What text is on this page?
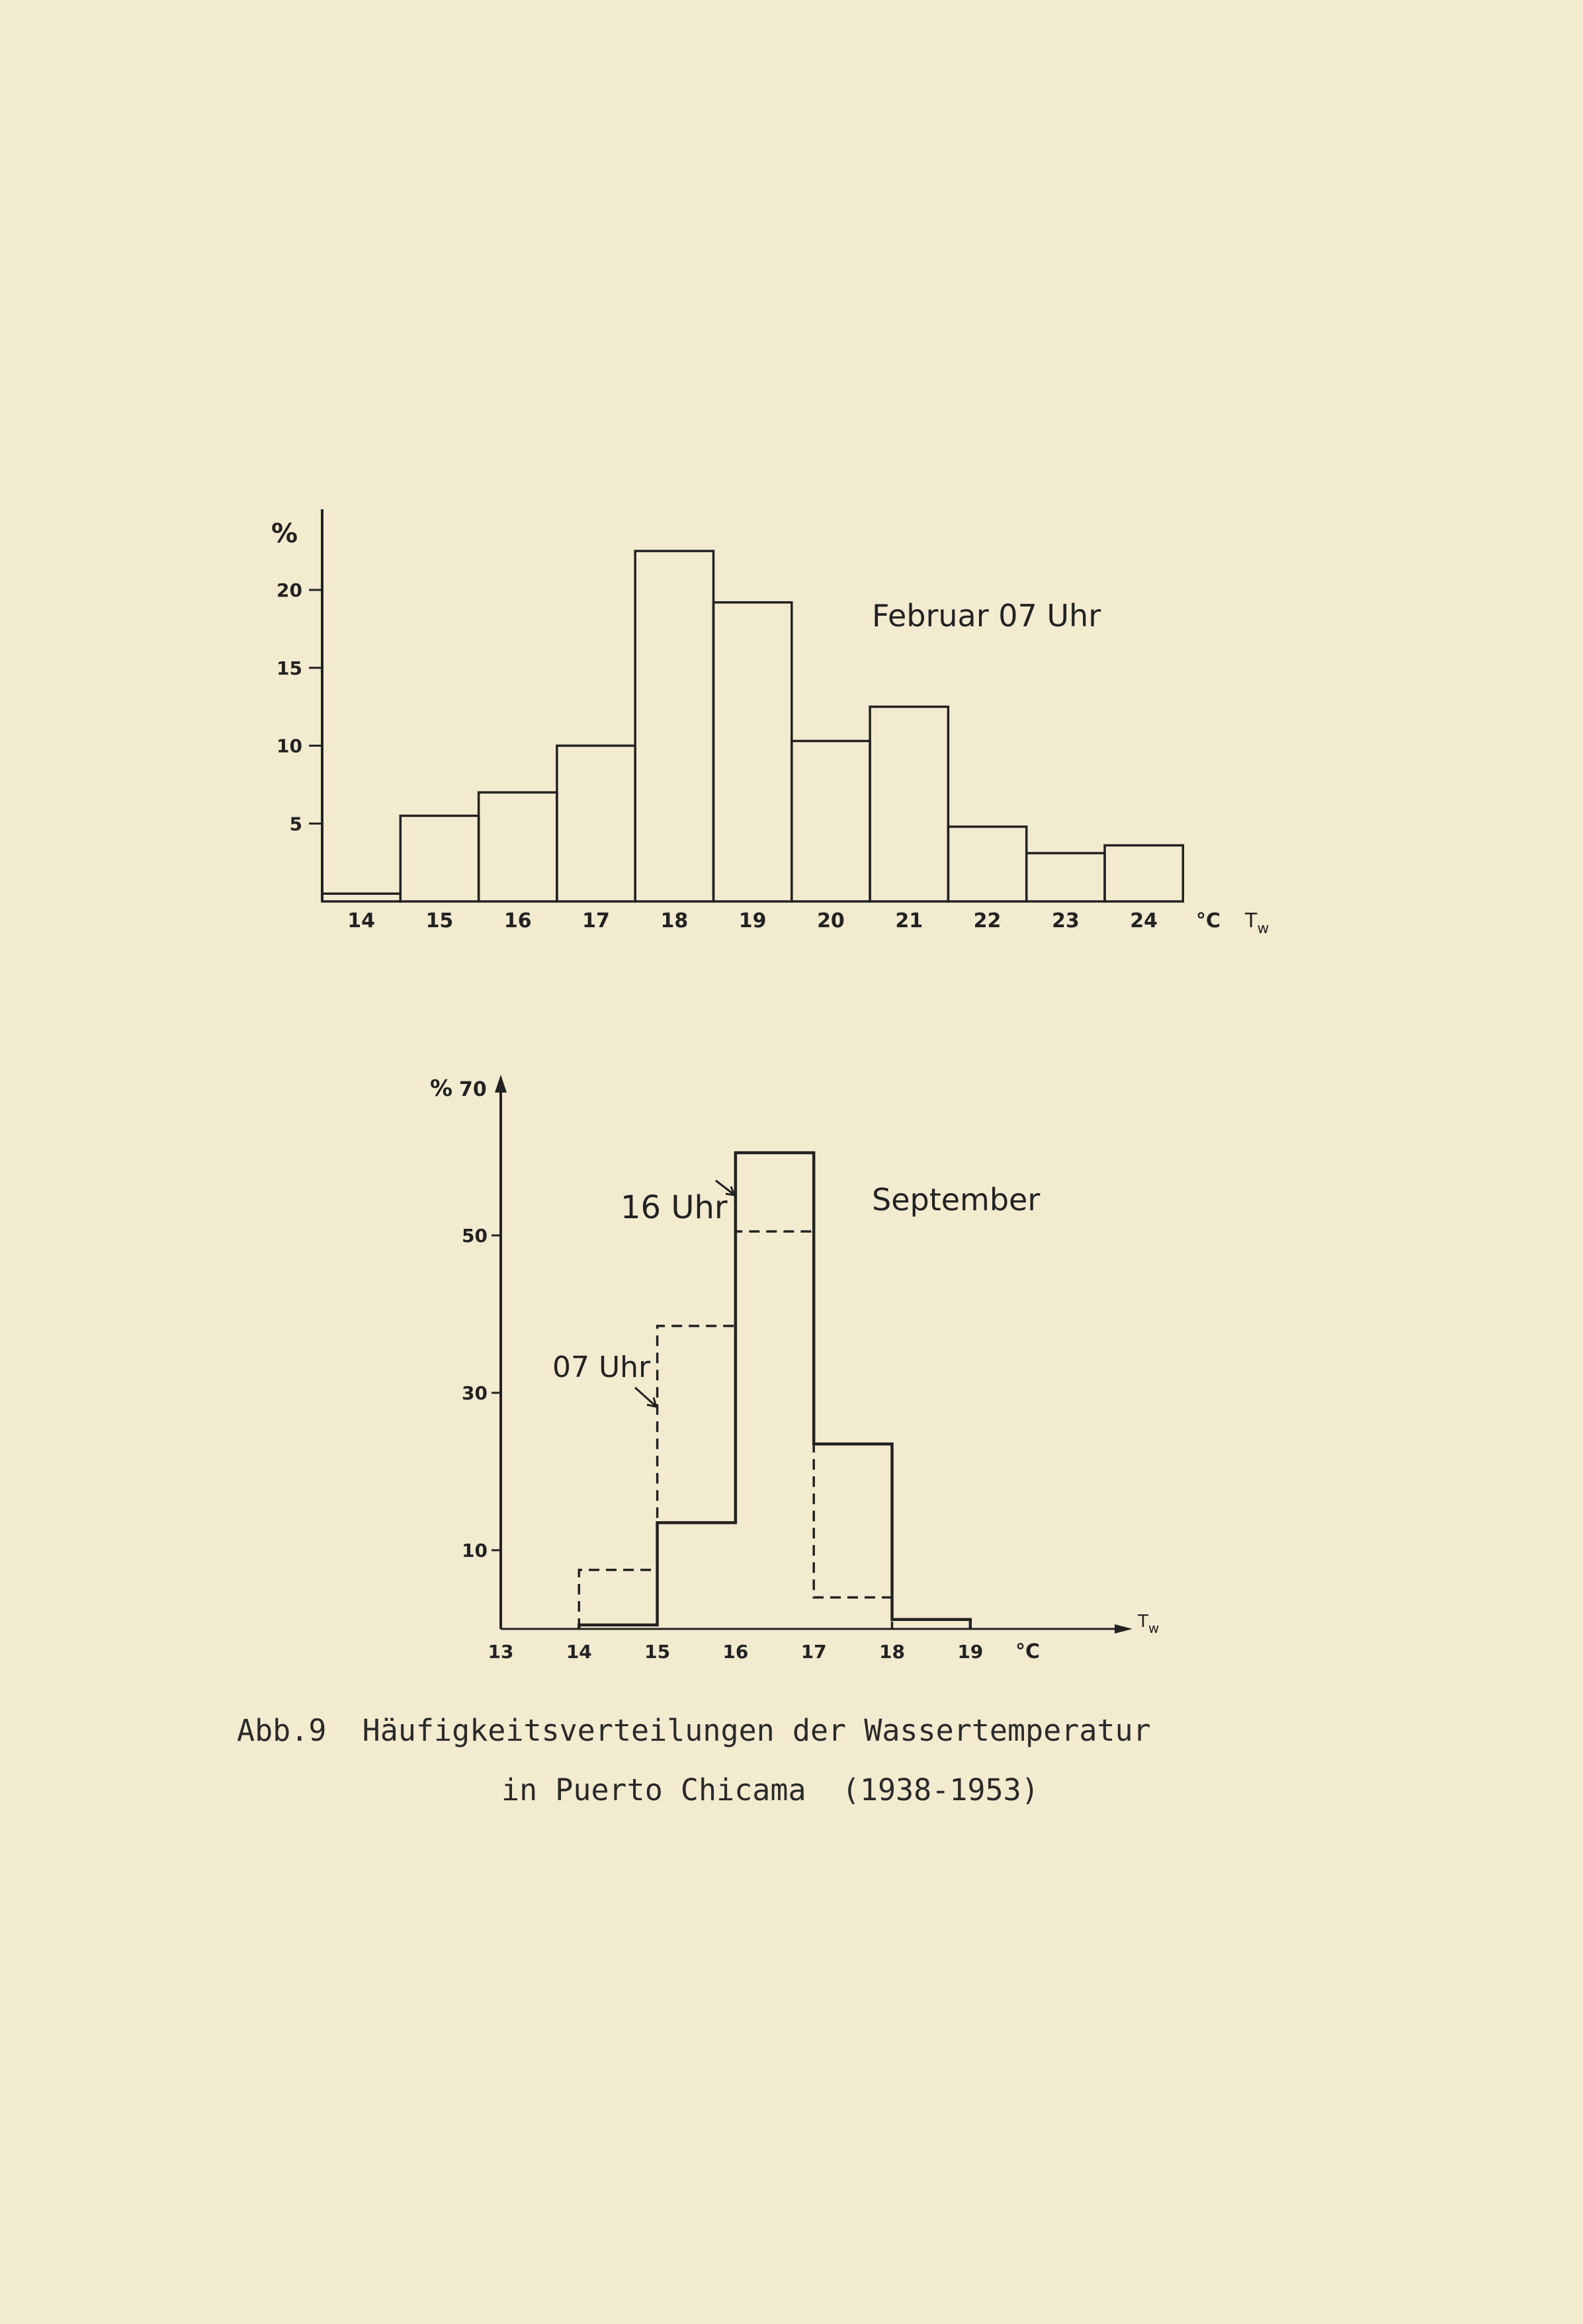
5
10
15
20
%
14	15	16	17	18	19	20	21	22	23	24 °C $T_w$
Februar 07 Uhr
10
30
50
% 70
13	14	15	16	17	18	19 °C
$T_w$
September
16 Uhr
07 Uhr
Abb.9  Häufigkeitsverteilungen der Wassertemperatur
in Puerto Chicama  (1938-1953)
